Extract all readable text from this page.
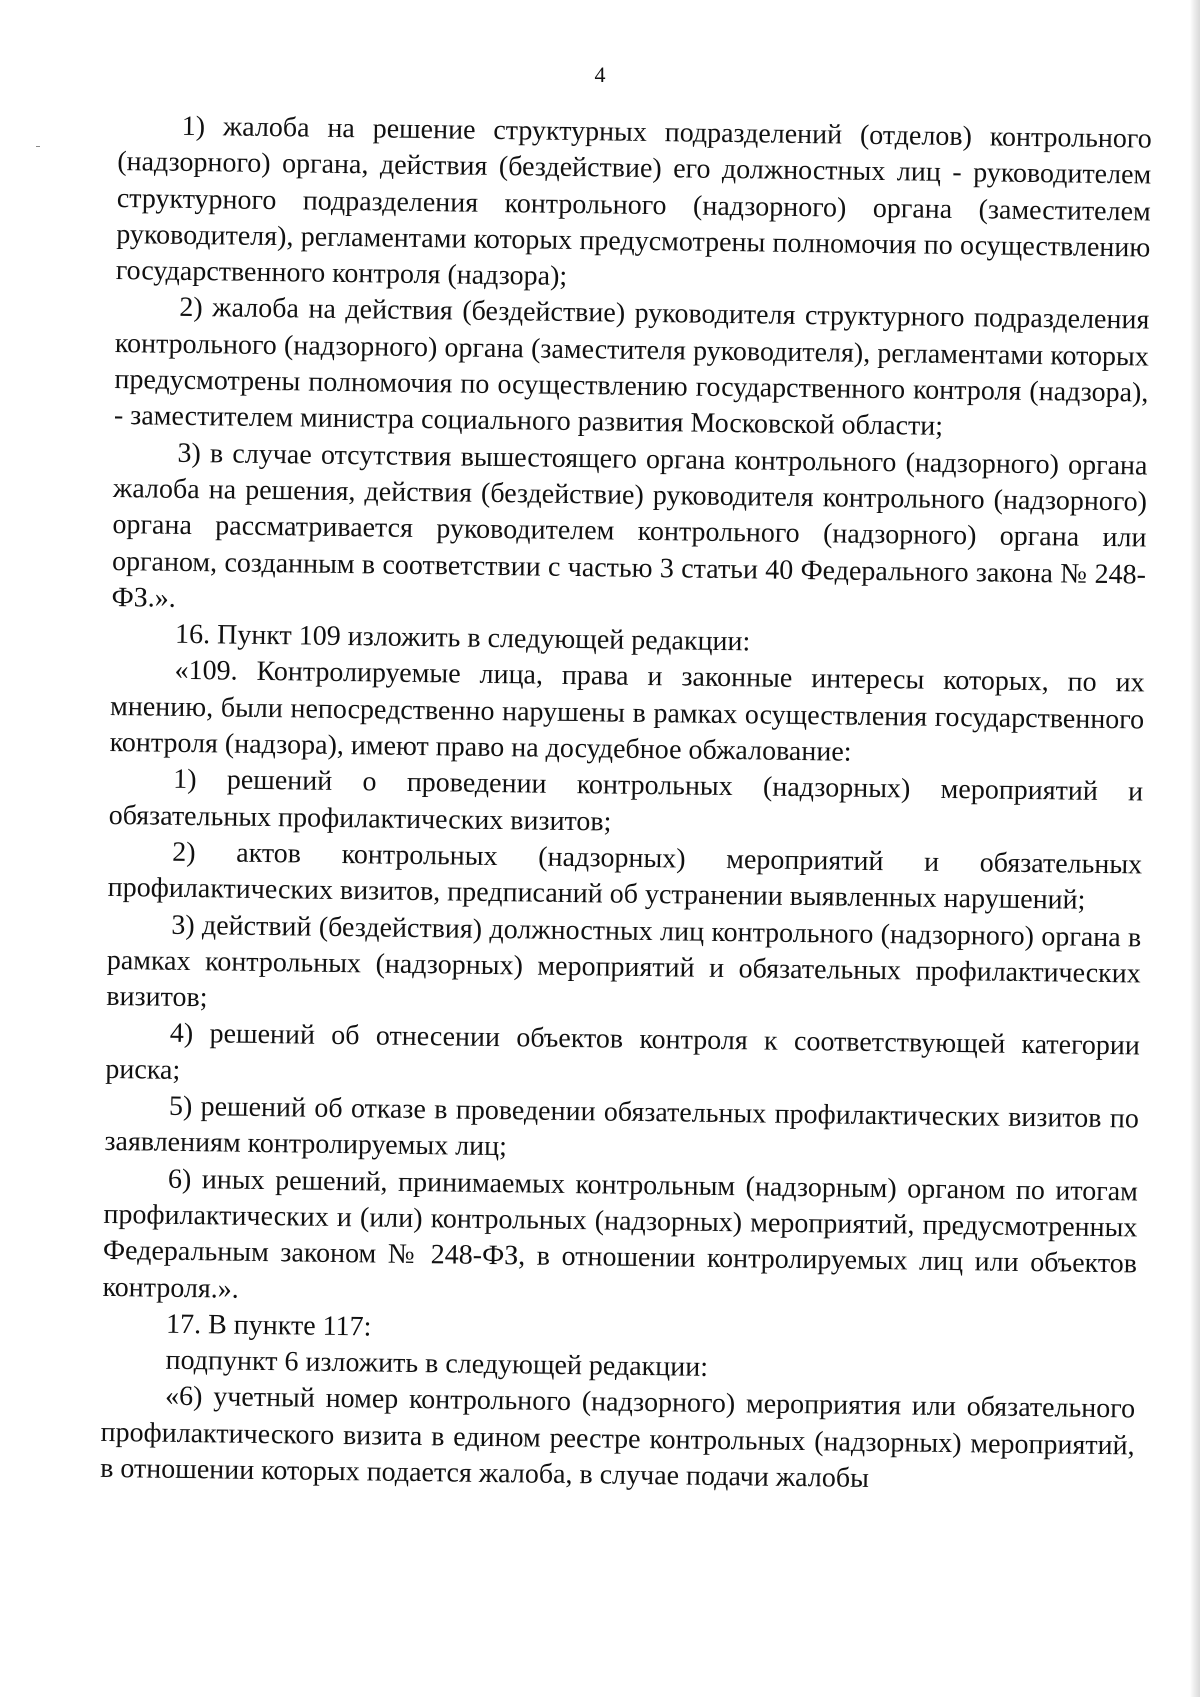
4

1) жалоба на решение структурных подразделений (отделов) контрольного (надзорного) органа, действия (бездействие) его должностных лиц - руководителем структурного подразделения контрольного (надзорного) органа (заместителем руководителя), регламентами которых предусмотрены полномочия по осуществлению государственного контроля (надзора);

2) жалоба на действия (бездействие) руководителя структурного подразделения контрольного (надзорного) органа (заместителя руководителя), регламентами которых предусмотрены полномочия по осуществлению государственного контроля (надзора), - заместителем министра социального развития Московской области;

3) в случае отсутствия вышестоящего органа контрольного (надзорного) органа жалоба на решения, действия (бездействие) руководителя контрольного (надзорного) органа рассматривается руководителем контрольного (надзорного) органа или органом, созданным в соответствии с частью 3 статьи 40 Федерального закона № 248-ФЗ.».

16. Пункт 109 изложить в следующей редакции:

«109. Контролируемые лица, права и законные интересы которых, по их мнению, были непосредственно нарушены в рамках осуществления государственного контроля (надзора), имеют право на досудебное обжалование:

1) решений о проведении контрольных (надзорных) мероприятий и обязательных профилактических визитов;

2) актов контрольных (надзорных) мероприятий и обязательных профилактических визитов, предписаний об устранении выявленных нарушений;

3) действий (бездействия) должностных лиц контрольного (надзорного) органа в рамках контрольных (надзорных) мероприятий и обязательных профилактических визитов;

4) решений об отнесении объектов контроля к соответствующей категории риска;

5) решений об отказе в проведении обязательных профилактических визитов по заявлениям контролируемых лиц;

6) иных решений, принимаемых контрольным (надзорным) органом по итогам профилактических и (или) контрольных (надзорных) мероприятий, предусмотренных Федеральным законом № 248-ФЗ, в отношении контролируемых лиц или объектов контроля.».

17. В пункте 117:

подпункт 6 изложить в следующей редакции:

«6) учетный номер контрольного (надзорного) мероприятия или обязательного профилактического визита в едином реестре контрольных (надзорных) мероприятий, в отношении которых подается жалоба, в случае подачи жалобы
